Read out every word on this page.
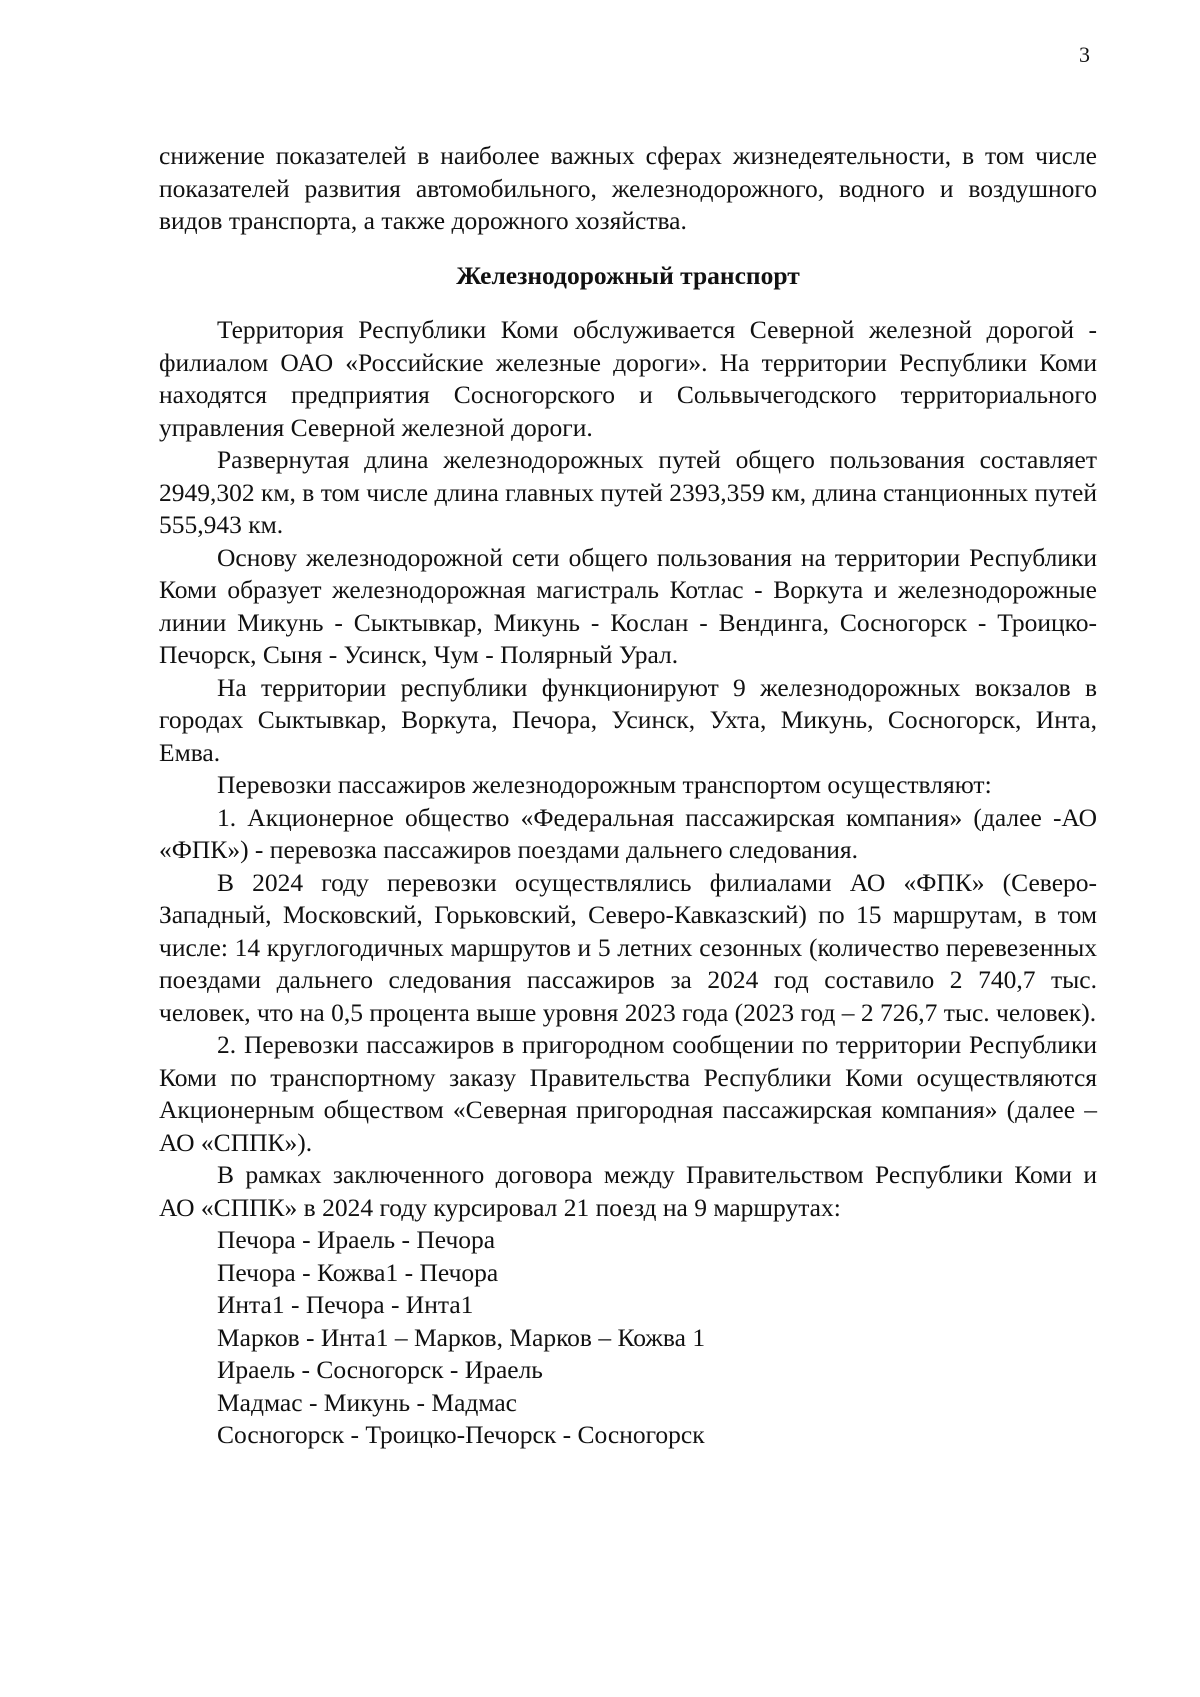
3

снижение показателей в наиболее важных сферах жизнедеятельности, в том числе показателей развития автомобильного, железнодорожного, водного и воздушного видов транспорта, а также дорожного хозяйства.

Железнодорожный транспорт

Территория Республики Коми обслуживается Северной железной дорогой - филиалом ОАО «Российские железные дороги». На территории Республики Коми находятся предприятия Сосногорского и Сольвычегодского территориального управления Северной железной дороги.

Развернутая длина железнодорожных путей общего пользования составляет 2949,302 км, в том числе длина главных путей 2393,359 км, длина станционных путей 555,943 км.

Основу железнодорожной сети общего пользования на территории Республики Коми образует железнодорожная магистраль Котлас - Воркута и железнодорожные линии Микунь - Сыктывкар, Микунь - Кослан - Вендинга, Сосногорск - Троицко-Печорск, Сыня - Усинск, Чум - Полярный Урал.

На территории республики функционируют 9 железнодорожных вокзалов в городах Сыктывкар, Воркута, Печора, Усинск, Ухта, Микунь, Сосногорск, Инта, Емва.

Перевозки пассажиров железнодорожным транспортом осуществляют:

1. Акционерное общество «Федеральная пассажирская компания» (далее -АО «ФПК») - перевозка пассажиров поездами дальнего следования.

В 2024 году перевозки осуществлялись филиалами АО «ФПК» (Северо-Западный, Московский, Горьковский, Северо-Кавказский) по 15 маршрутам, в том числе: 14 круглогодичных маршрутов и 5 летних сезонных (количество перевезенных поездами дальнего следования пассажиров за 2024 год составило 2 740,7 тыс. человек, что на 0,5 процента выше уровня 2023 года (2023 год – 2 726,7 тыс. человек).

2. Перевозки пассажиров в пригородном сообщении по территории Республики Коми по транспортному заказу Правительства Республики Коми осуществляются Акционерным обществом «Северная пригородная пассажирская компания» (далее – АО «СППК»).

В рамках заключенного договора между Правительством Республики Коми и АО «СППК» в 2024 году курсировал 21 поезд на 9 маршрутах:

Печора - Ираель - Печора
Печора - Кожва1 - Печора
Инта1 - Печора - Инта1
Марков - Инта1 – Марков, Марков – Кожва 1
Ираель - Сосногорск - Ираель
Мадмас - Микунь - Мадмас
Сосногорск - Троицко-Печорск - Сосногорск
